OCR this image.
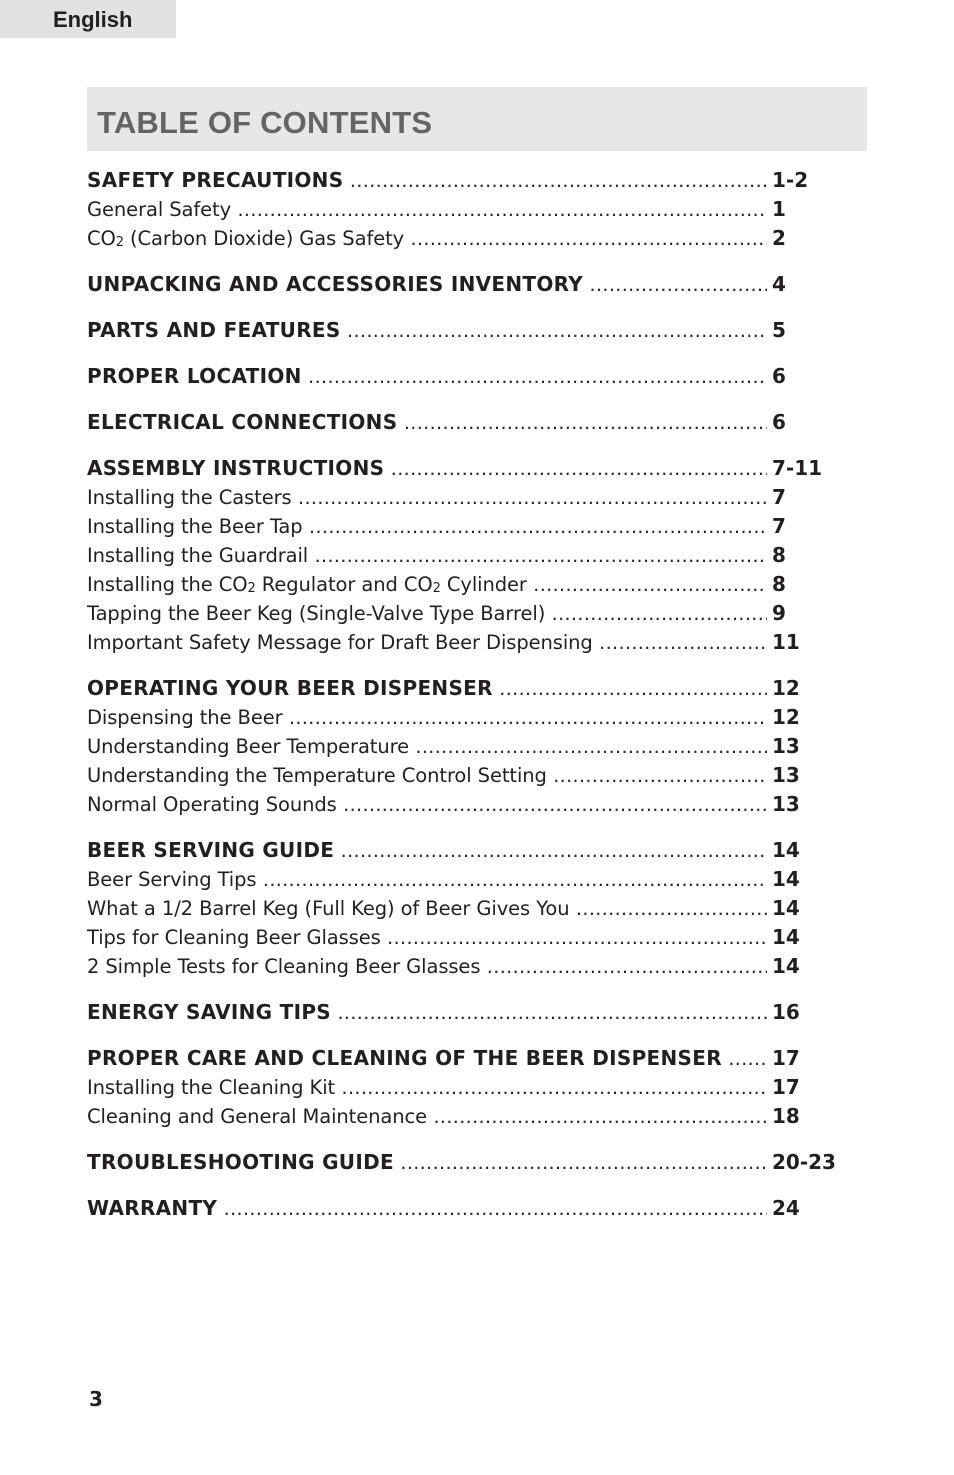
English
TABLE OF CONTENTS
SAFETY PRECAUTIONS .....	1-2
General Safety .....	1
$CO_2$ (Carbon Dioxide) Gas Safety .....	2
UNPACKING AND ACCESSORIES INVENTORY .....	4
PARTS AND FEATURES .....	5
PROPER LOCATION .....	6
ELECTRICAL CONNECTIONS .....	6
ASSEMBLY INSTRUCTIONS .....	7-11
Installing the Casters .....	7
Installing the Beer Tap .....	7
Installing the Guardrail .....	8
Installing the $CO_2$ Regulator and $CO_2$ Cylinder .....	8
Tapping the Beer Keg (Single-Valve Type Barrel) .....	9
Important Safety Message for Draft Beer Dispensing .....	11
OPERATING YOUR BEER DISPENSER .....	12
Dispensing the Beer .....	12
Understanding Beer Temperature .....	13
Understanding the Temperature Control Setting .....	13
Normal Operating Sounds .....	13
BEER SERVING GUIDE .....	14
Beer Serving Tips .....	14
What a 1/2 Barrel Keg (Full Keg) of Beer Gives You .....	14
Tips for Cleaning Beer Glasses .....	14
2 Simple Tests for Cleaning Beer Glasses .....	14
ENERGY SAVING TIPS .....	16
PROPER CARE AND CLEANING OF THE BEER DISPENSER .....	17
Installing the Cleaning Kit .....	17
Cleaning and General Maintenance .....	18
TROUBLESHOOTING GUIDE .....	20-23
WARRANTY .....	24
3
